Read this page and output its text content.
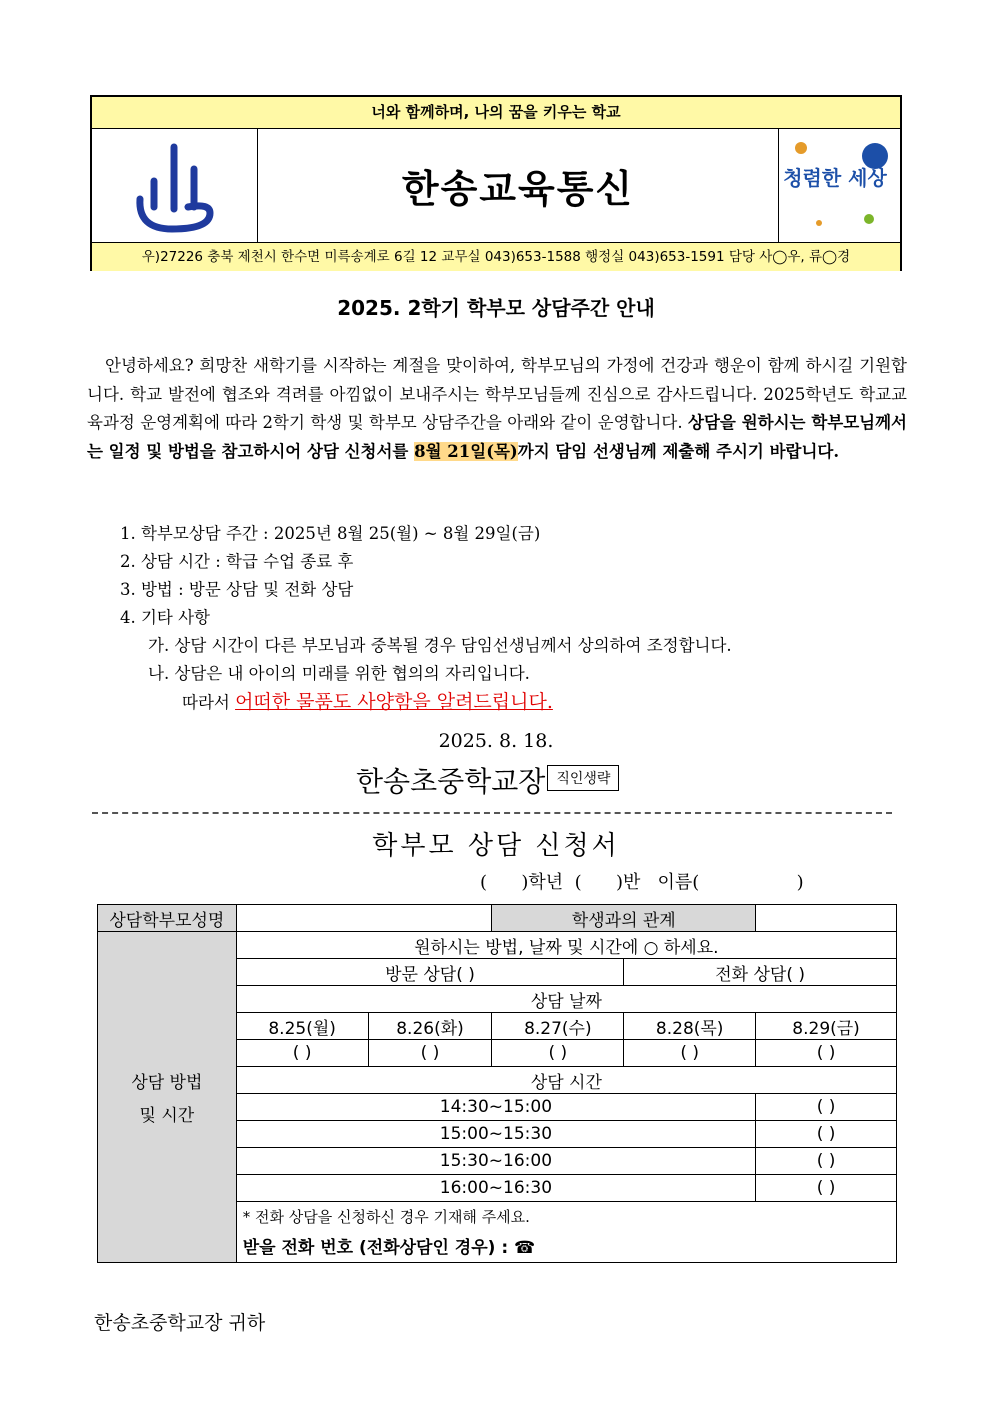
너와 함께하며, 나의 꿈을 키우는 학교
한송교육통신	청렴한 세상
우)27226 충북 제천시 한수면 미륵송계로 6길 12 교무실 043)653-1588 행정실 043)653-1591 담당 사◯우, 류◯경
2025. 2학기 학부모 상담주간 안내

안녕하세요? 희망찬 새학기를 시작하는 계절을 맞이하여, 학부모님의 가정에 건강과 행운이 함께 하시길 기원합니다. 학교 발전에 협조와 격려를 아낌없이 보내주시는 학부모님들께 진심으로 감사드립니다. 2025학년도 학교교육과정 운영계획에 따라 2학기 학생 및 학부모 상담주간을 아래와 같이 운영합니다. 상담을 원하시는 학부모님께서는 일정 및 방법을 참고하시어 상담 신청서를 8월 21일(목)까지 담임 선생님께 제출해 주시기 바랍니다.

1. 학부모상담 주간 : 2025년 8월 25(월) ~ 8월 29일(금)
2. 상담 시간 : 학급 수업 종료 후
3. 방법 : 방문 상담 및 전화 상담
4. 기타 사항
가. 상담 시간이 다른 부모님과 중복될 경우 담임선생님께서 상의하여 조정합니다.
나. 상담은 내 아이의 미래를 위한 협의의 자리입니다.
따라서 어떠한 물품도 사양함을 알려드립니다.
2025. 8. 18.
한송초중학교장 직인생략
학부모 상담 신청서
(      )학년  (      )반   이름(                 )
상담학부모성명			학생과의 관계		

상담 방법
및 시간	원하시는 방법, 날짜 및 시간에 ○ 하세요.				
	방문 상담( )			전화 상담( )	
	상담 날짜				
	8.25(월)	8.26(화)	8.27(수)	8.28(목)	8.29(금)
	( )	( )	( )	( )	( )
	상담 시간				
	14:30~15:00				( )
	15:00~15:30				( )
	15:30~16:00				( )
	16:00~16:30				( )

	* 전화 상담을 신청하신 경우 기재해 주세요.
받을 전화 번호 (전화상담인 경우) : ☎				
한송초중학교장 귀하
